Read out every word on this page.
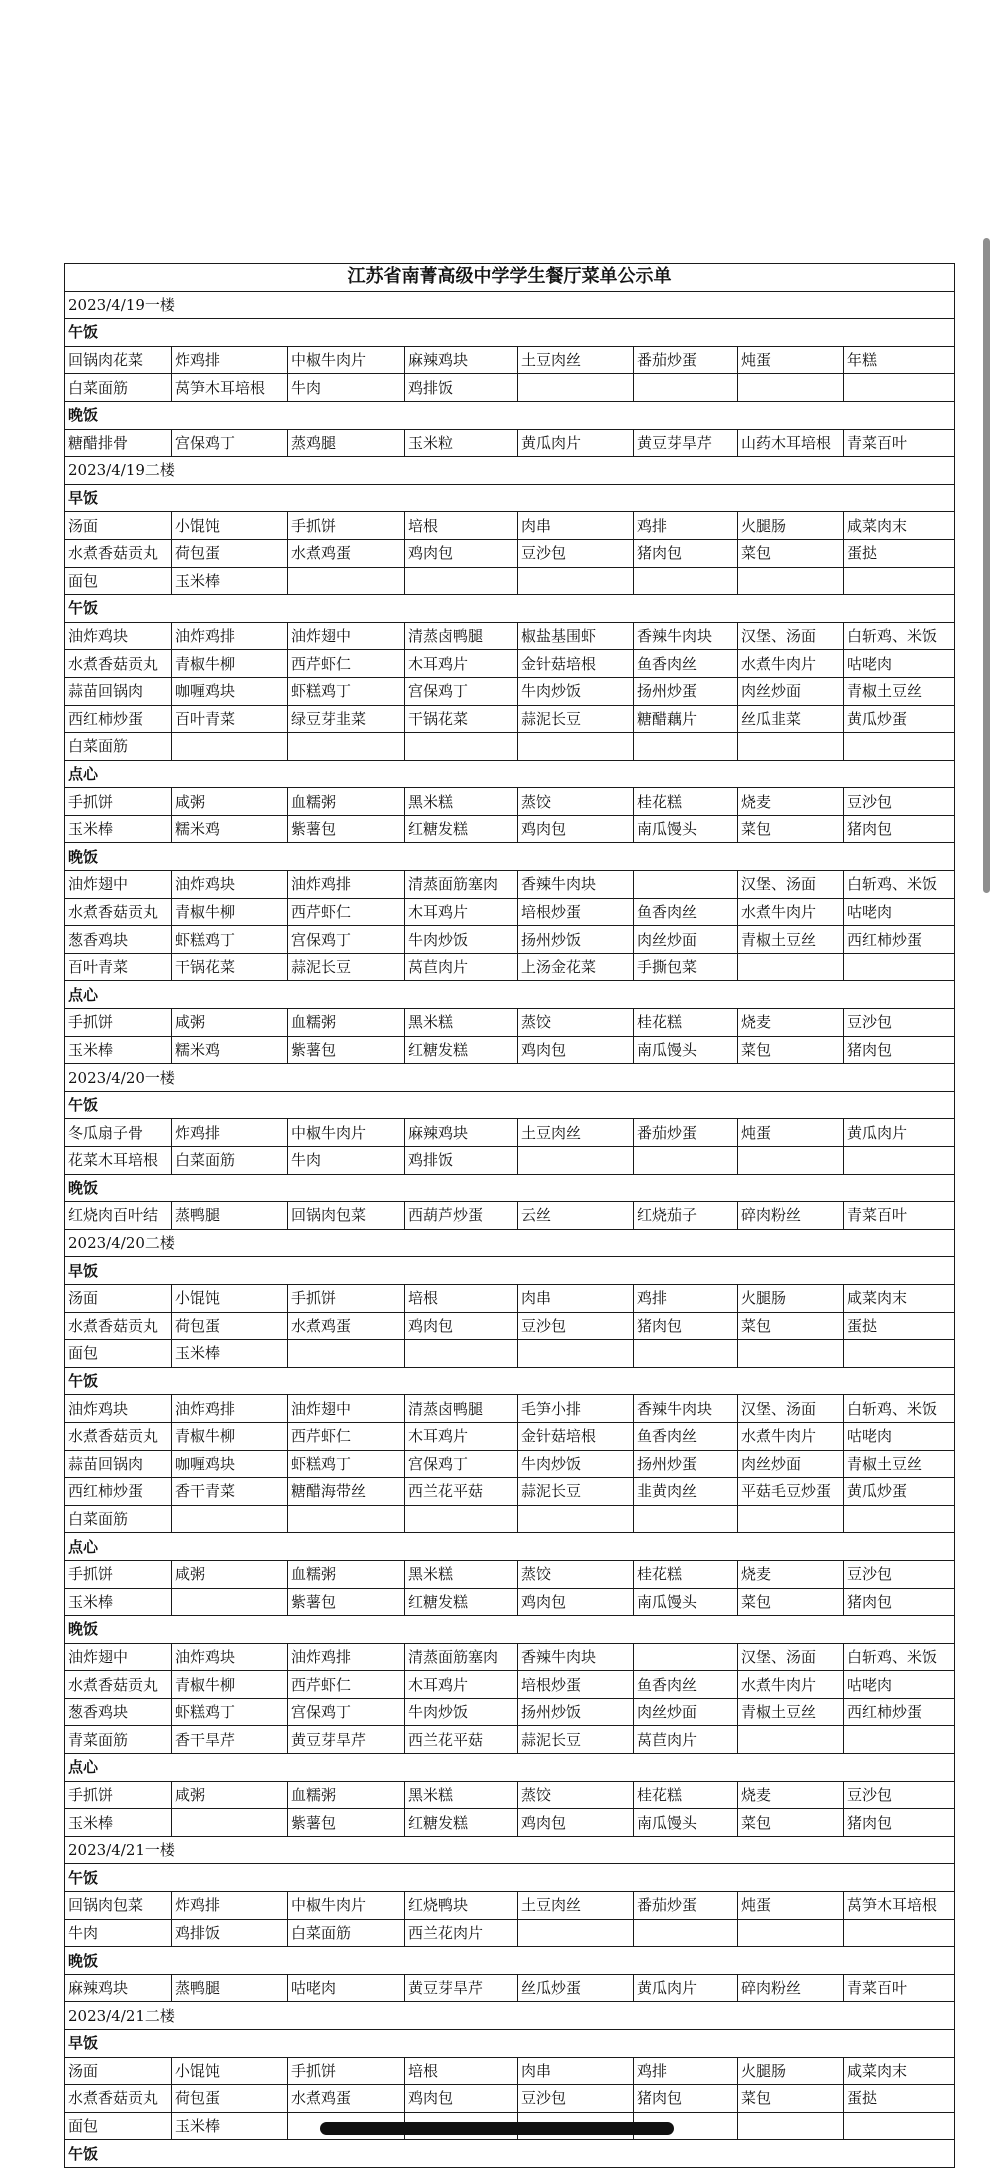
江苏省南菁高级中学学生餐厅菜单公示单							
2023/4/19一楼							
午饭							
回锅肉花菜	炸鸡排	中椒牛肉片	麻辣鸡块	土豆肉丝	番茄炒蛋	炖蛋	年糕
白菜面筋	莴笋木耳培根	牛肉	鸡排饭				
晚饭							
糖醋排骨	宫保鸡丁	蒸鸡腿	玉米粒	黄瓜肉片	黄豆芽旱芹	山药木耳培根	青菜百叶
2023/4/19二楼							
早饭							
汤面	小馄饨	手抓饼	培根	肉串	鸡排	火腿肠	咸菜肉末
水煮香菇贡丸	荷包蛋	水煮鸡蛋	鸡肉包	豆沙包	猪肉包	菜包	蛋挞
面包	玉米棒						
午饭							
油炸鸡块	油炸鸡排	油炸翅中	清蒸卤鸭腿	椒盐基围虾	香辣牛肉块	汉堡、汤面	白斩鸡、米饭
水煮香菇贡丸	青椒牛柳	西芹虾仁	木耳鸡片	金针菇培根	鱼香肉丝	水煮牛肉片	咕咾肉
蒜苗回锅肉	咖喱鸡块	虾糕鸡丁	宫保鸡丁	牛肉炒饭	扬州炒蛋	肉丝炒面	青椒土豆丝
西红柿炒蛋	百叶青菜	绿豆芽韭菜	干锅花菜	蒜泥长豆	糖醋藕片	丝瓜韭菜	黄瓜炒蛋
白菜面筋							
点心							
手抓饼	咸粥	血糯粥	黑米糕	蒸饺	桂花糕	烧麦	豆沙包
玉米棒	糯米鸡	紫薯包	红糖发糕	鸡肉包	南瓜馒头	菜包	猪肉包
晚饭							
油炸翅中	油炸鸡块	油炸鸡排	清蒸面筋塞肉	香辣牛肉块		汉堡、汤面	白斩鸡、米饭
水煮香菇贡丸	青椒牛柳	西芹虾仁	木耳鸡片	培根炒蛋	鱼香肉丝	水煮牛肉片	咕咾肉
葱香鸡块	虾糕鸡丁	宫保鸡丁	牛肉炒饭	扬州炒饭	肉丝炒面	青椒土豆丝	西红柿炒蛋
百叶青菜	干锅花菜	蒜泥长豆	莴苣肉片	上汤金花菜	手撕包菜		
点心							
手抓饼	咸粥	血糯粥	黑米糕	蒸饺	桂花糕	烧麦	豆沙包
玉米棒	糯米鸡	紫薯包	红糖发糕	鸡肉包	南瓜馒头	菜包	猪肉包
2023/4/20一楼							
午饭							
冬瓜扇子骨	炸鸡排	中椒牛肉片	麻辣鸡块	土豆肉丝	番茄炒蛋	炖蛋	黄瓜肉片
花菜木耳培根	白菜面筋	牛肉	鸡排饭				
晚饭							
红烧肉百叶结	蒸鸭腿	回锅肉包菜	西葫芦炒蛋	云丝	红烧茄子	碎肉粉丝	青菜百叶
2023/4/20二楼							
早饭							
汤面	小馄饨	手抓饼	培根	肉串	鸡排	火腿肠	咸菜肉末
水煮香菇贡丸	荷包蛋	水煮鸡蛋	鸡肉包	豆沙包	猪肉包	菜包	蛋挞
面包	玉米棒						
午饭							
油炸鸡块	油炸鸡排	油炸翅中	清蒸卤鸭腿	毛笋小排	香辣牛肉块	汉堡、汤面	白斩鸡、米饭
水煮香菇贡丸	青椒牛柳	西芹虾仁	木耳鸡片	金针菇培根	鱼香肉丝	水煮牛肉片	咕咾肉
蒜苗回锅肉	咖喱鸡块	虾糕鸡丁	宫保鸡丁	牛肉炒饭	扬州炒蛋	肉丝炒面	青椒土豆丝
西红柿炒蛋	香干青菜	糖醋海带丝	西兰花平菇	蒜泥长豆	韭黄肉丝	平菇毛豆炒蛋	黄瓜炒蛋
白菜面筋							
点心							
手抓饼	咸粥	血糯粥	黑米糕	蒸饺	桂花糕	烧麦	豆沙包
玉米棒		紫薯包	红糖发糕	鸡肉包	南瓜馒头	菜包	猪肉包
晚饭							
油炸翅中	油炸鸡块	油炸鸡排	清蒸面筋塞肉	香辣牛肉块		汉堡、汤面	白斩鸡、米饭
水煮香菇贡丸	青椒牛柳	西芹虾仁	木耳鸡片	培根炒蛋	鱼香肉丝	水煮牛肉片	咕咾肉
葱香鸡块	虾糕鸡丁	宫保鸡丁	牛肉炒饭	扬州炒饭	肉丝炒面	青椒土豆丝	西红柿炒蛋
青菜面筋	香干旱芹	黄豆芽旱芹	西兰花平菇	蒜泥长豆	莴苣肉片		
点心							
手抓饼	咸粥	血糯粥	黑米糕	蒸饺	桂花糕	烧麦	豆沙包
玉米棒		紫薯包	红糖发糕	鸡肉包	南瓜馒头	菜包	猪肉包
2023/4/21一楼							
午饭							
回锅肉包菜	炸鸡排	中椒牛肉片	红烧鸭块	土豆肉丝	番茄炒蛋	炖蛋	莴笋木耳培根
牛肉	鸡排饭	白菜面筋	西兰花肉片				
晚饭							
麻辣鸡块	蒸鸭腿	咕咾肉	黄豆芽旱芹	丝瓜炒蛋	黄瓜肉片	碎肉粉丝	青菜百叶
2023/4/21二楼							
早饭							
汤面	小馄饨	手抓饼	培根	肉串	鸡排	火腿肠	咸菜肉末
水煮香菇贡丸	荷包蛋	水煮鸡蛋	鸡肉包	豆沙包	猪肉包	菜包	蛋挞
面包	玉米棒						
午饭							
